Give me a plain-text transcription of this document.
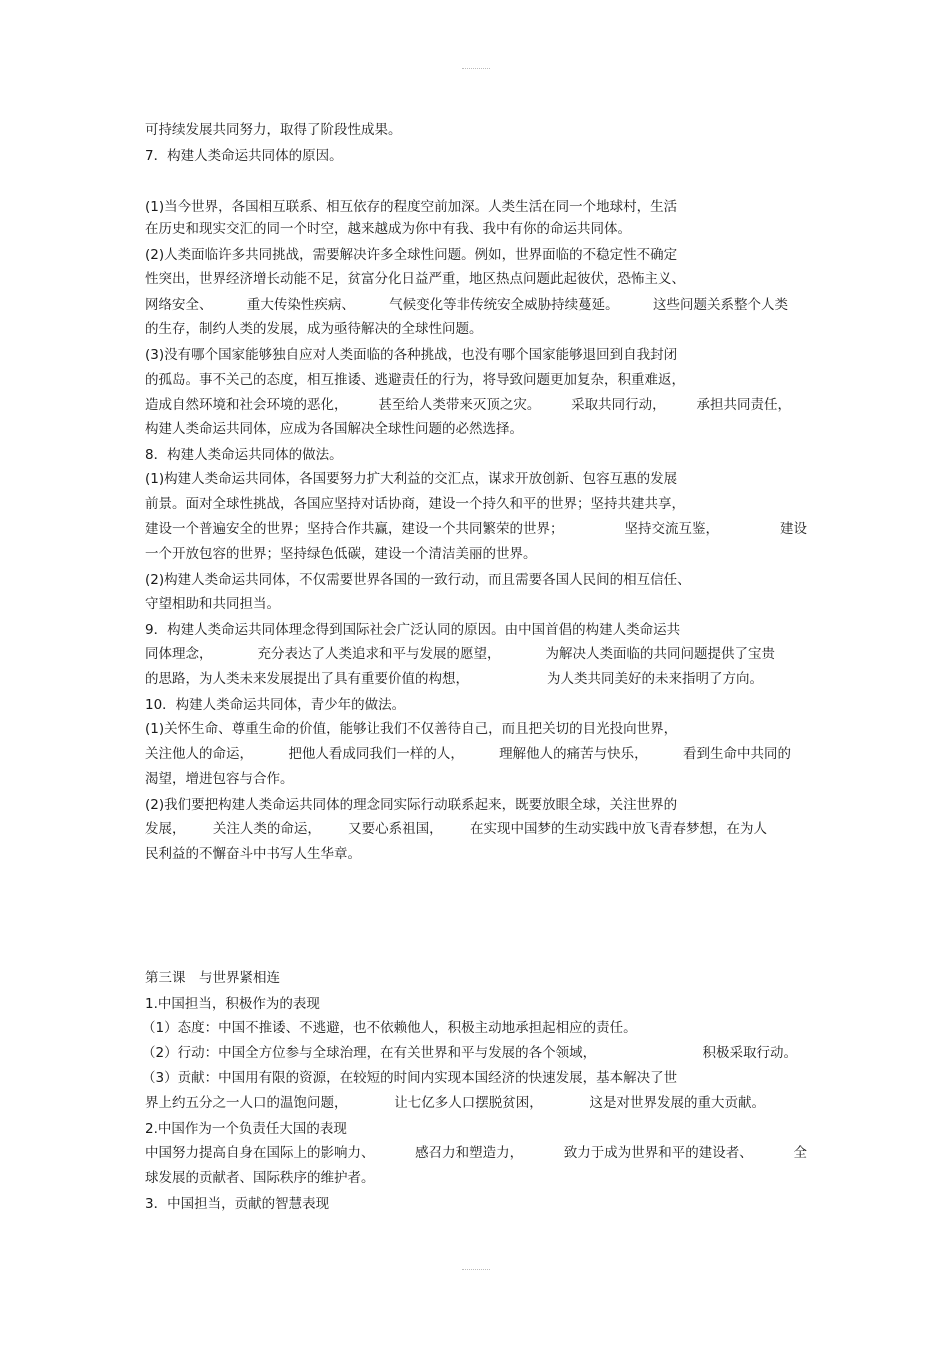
可持续发展共同努力，取得了阶段性成果。
7．构建人类命运共同体的原因。
(1)当今世界，各国相互联系、相互依存的程度空前加深。人类生活在同一个地球村，生活
在历史和现实交汇的同一个时空，越来越成为你中有我、我中有你的命运共同体。
(2)人类面临许多共同挑战，需要解决许多全球性问题。例如，世界面临的不稳定性不确定
性突出，世界经济增长动能不足，贫富分化日益严重，地区热点问题此起彼伏，恐怖主义、
网络安全、	重大传染性疾病、	气候变化等非传统安全威胁持续蔓延。	这些问题关系整个人类
的生存，制约人类的发展，成为亟待解决的全球性问题。
(3)没有哪个国家能够独自应对人类面临的各种挑战，也没有哪个国家能够退回到自我封闭
的孤岛。事不关己的态度，相互推诿、逃避责任的行为，将导致问题更加复杂，积重难返，
造成自然环境和社会环境的恶化， 甚至给人类带来灭顶之灾。 采取共同行动， 承担共同责任，
构建人类命运共同体，应成为各国解决全球性问题的必然选择。
8．构建人类命运共同体的做法。
(1)构建人类命运共同体，各国要努力扩大利益的交汇点，谋求开放创新、包容互惠的发展
前景。面对全球性挑战，各国应坚持对话协商，建设一个持久和平的世界；坚持共建共享，
建设一个普遍安全的世界；坚持合作共赢，建设一个共同繁荣的世界；	坚持交流互鉴，	建设
一个开放包容的世界；坚持绿色低碳，建设一个清洁美丽的世界。
(2)构建人类命运共同体，不仅需要世界各国的一致行动，而且需要各国人民间的相互信任、
守望相助和共同担当。
9．构建人类命运共同体理念得到国际社会广泛认同的原因。由中国首倡的构建人类命运共
同体理念，	充分表达了人类追求和平与发展的愿望，	为解决人类面临的共同问题提供了宝贵
的思路，为人类未来发展提出了具有重要价值的构想，	为人类共同美好的未来指明了方向。
10．构建人类命运共同体，青少年的做法。
(1)关怀生命、尊重生命的价值，能够让我们不仅善待自己，而且把关切的目光投向世界，
关注他人的命运，	把他人看成同我们一样的人，	理解他人的痛苦与快乐，	看到生命中共同的
渴望，增进包容与合作。
(2)我们要把构建人类命运共同体的理念同实际行动联系起来，既要放眼全球，关注世界的
发展， 关注人类的命运， 又要心系祖国， 在实现中国梦的生动实践中放飞青春梦想，在为人
民利益的不懈奋斗中书写人生华章。
第三课　与世界紧相连
1.中国担当，积极作为的表现
（1）态度：中国不推诿、不逃避，也不依赖他人，积极主动地承担起相应的责任。
（2）行动：中国全方位参与全球治理，在有关世界和平与发展的各个领域，	积极采取行动。
（3）贡献：中国用有限的资源，在较短的时间内实现本国经济的快速发展，基本解决了世
界上约五分之一人口的温饱问题，	让七亿多人口摆脱贫困，	这是对世界发展的重大贡献。
2.中国作为一个负责任大国的表现
中国努力提高自身在国际上的影响力、	感召力和塑造力，	致力于成为世界和平的建设者、	全
球发展的贡献者、国际秩序的维护者。
3．中国担当，贡献的智慧表现
